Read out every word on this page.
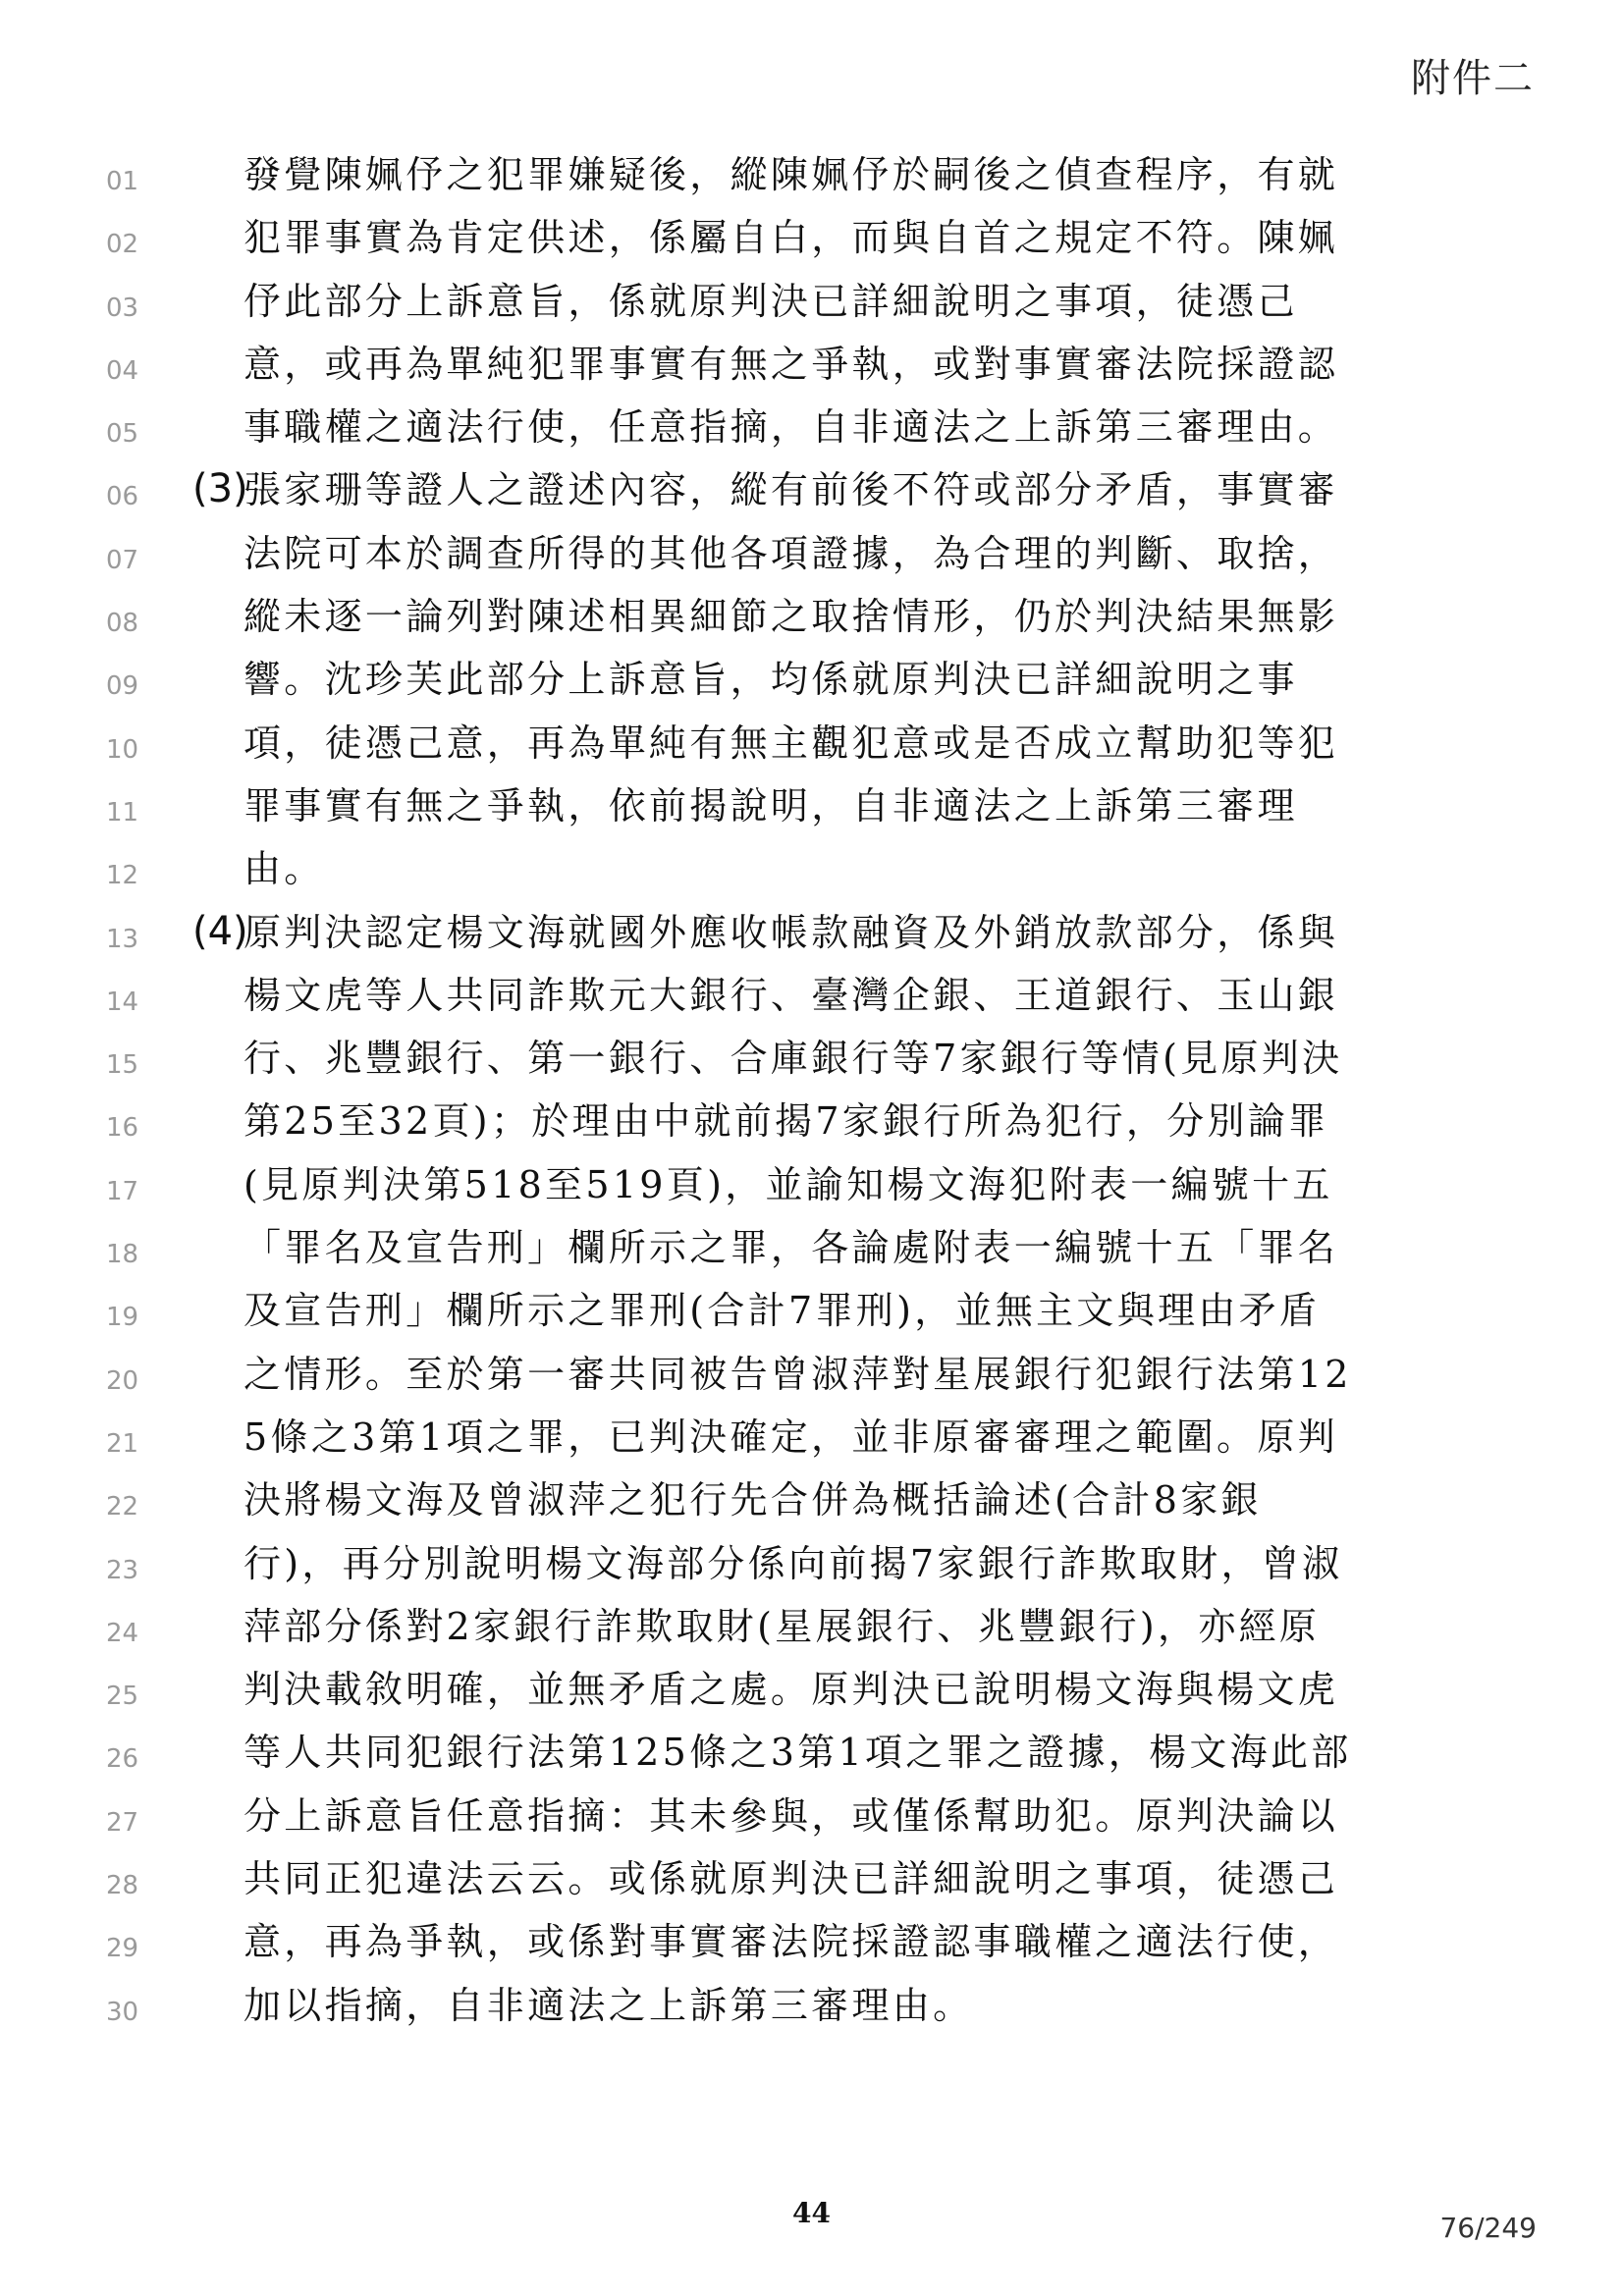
附件二
01	發覺陳姵伃之犯罪嫌疑後，縱陳姵伃於嗣後之偵查程序，有就
02	犯罪事實為肯定供述，係屬自白，而與自首之規定不符。陳姵
03	伃此部分上訴意旨，係就原判決已詳細說明之事項，徒憑己
04	意，或再為單純犯罪事實有無之爭執，或對事實審法院採證認
05	事職權之適法行使，任意指摘，自非適法之上訴第三審理由。
06	(3)
張家珊等證人之證述內容，縱有前後不符或部分矛盾，事實審
07	法院可本於調查所得的其他各項證據，為合理的判斷、取捨，
08	縱未逐一論列對陳述相異細節之取捨情形，仍於判決結果無影
09	響。沈珍芙此部分上訴意旨，均係就原判決已詳細說明之事
10	項，徒憑己意，再為單純有無主觀犯意或是否成立幫助犯等犯
11	罪事實有無之爭執，依前揭說明，自非適法之上訴第三審理
12	由。
13	(4)
原判決認定楊文海就國外應收帳款融資及外銷放款部分，係與
14	楊文虎等人共同詐欺元大銀行、臺灣企銀、王道銀行、玉山銀
15	行、兆豐銀行、第一銀行、合庫銀行等7家銀行等情(見原判決
16	第25至32頁)；於理由中就前揭7家銀行所為犯行，分別論罪
17	(見原判決第518至519頁)，並諭知楊文海犯附表一編號十五
18	「罪名及宣告刑」欄所示之罪，各論處附表一編號十五「罪名
19	及宣告刑」欄所示之罪刑(合計7罪刑)，並無主文與理由矛盾
20	之情形。至於第一審共同被告曾淑萍對星展銀行犯銀行法第12
21	5條之3第1項之罪，已判決確定，並非原審審理之範圍。原判
22	決將楊文海及曾淑萍之犯行先合併為概括論述(合計8家銀
23	行)，再分別說明楊文海部分係向前揭7家銀行詐欺取財，曾淑
24	萍部分係對2家銀行詐欺取財(星展銀行、兆豐銀行)，亦經原
25	判決載敘明確，並無矛盾之處。原判決已說明楊文海與楊文虎
26	等人共同犯銀行法第125條之3第1項之罪之證據，楊文海此部
27	分上訴意旨任意指摘：其未參與，或僅係幫助犯。原判決論以
28	共同正犯違法云云。或係就原判決已詳細說明之事項，徒憑己
29	意，再為爭執，或係對事實審法院採證認事職權之適法行使，
30	加以指摘，自非適法之上訴第三審理由。
44	76/249
